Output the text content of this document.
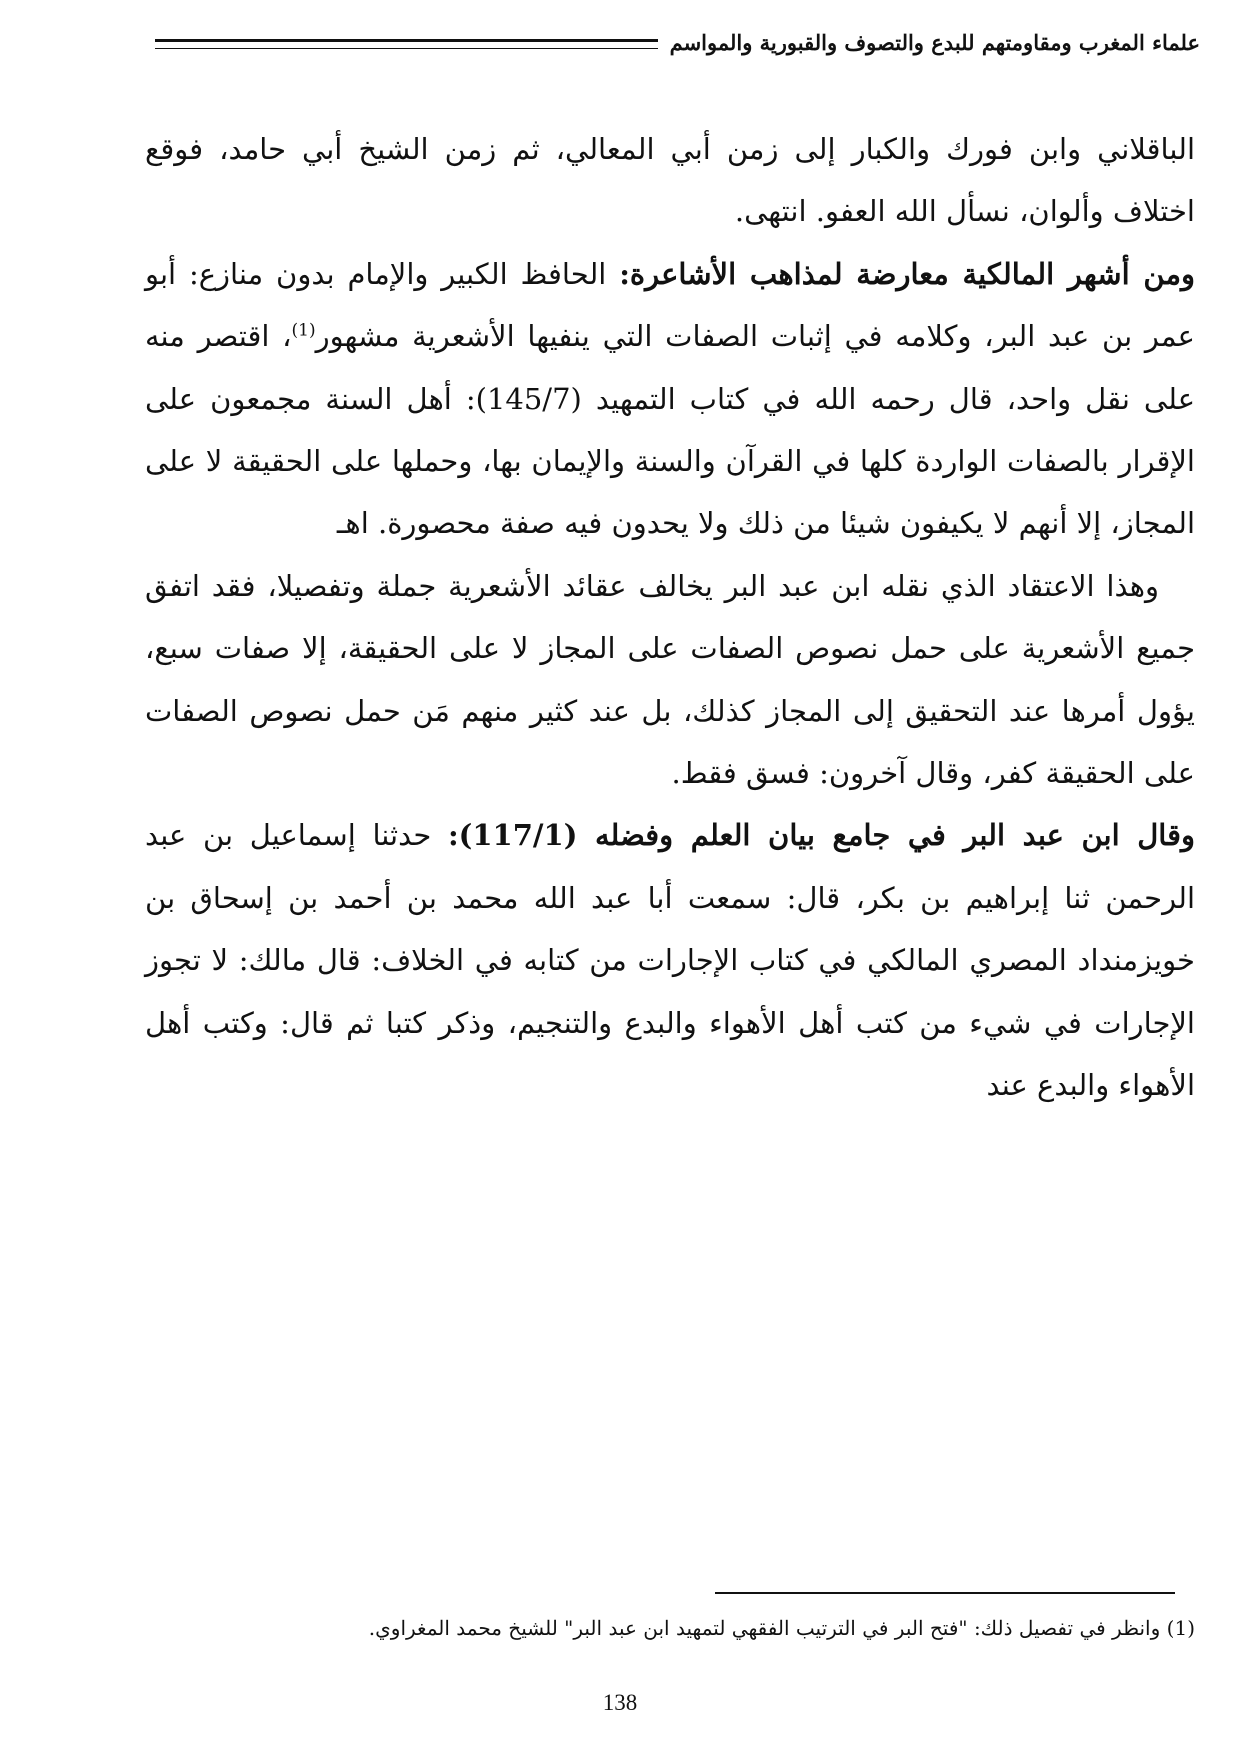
علماء المغرب ومقاومتهم للبدع والتصوف والقبورية والمواسم

الباقلاني وابن فورك والكبار إلى زمن أبي المعالي، ثم زمن الشيخ أبي حامد، فوقع اختلاف وألوان، نسأل الله العفو. انتهى.

ومن أشهر المالكية معارضة لمذاهب الأشاعرة: الحافظ الكبير والإمام بدون منازع: أبو عمر بن عبد البر، وكلامه في إثبات الصفات التي ينفيها الأشعرية مشهور$^{(1)}$، اقتصر منه على نقل واحد، قال رحمه الله في كتاب التمهيد (145/7): أهل السنة مجمعون على الإقرار بالصفات الواردة كلها في القرآن والسنة والإيمان بها، وحملها على الحقيقة لا على المجاز، إلا أنهم لا يكيفون شيئا من ذلك ولا يحدون فيه صفة محصورة. اهـ

وهذا الاعتقاد الذي نقله ابن عبد البر يخالف عقائد الأشعرية جملة وتفصيلا، فقد اتفق جميع الأشعرية على حمل نصوص الصفات على المجاز لا على الحقيقة، إلا صفات سبع، يؤول أمرها عند التحقيق إلى المجاز كذلك، بل عند كثير منهم مَن حمل نصوص الصفات على الحقيقة كفر، وقال آخرون: فسق فقط.

وقال ابن عبد البر في جامع بيان العلم وفضله (117/1): حدثنا إسماعيل بن عبد الرحمن ثنا إبراهيم بن بكر، قال: سمعت أبا عبد الله محمد بن أحمد بن إسحاق بن خويزمنداد المصري المالكي في كتاب الإجارات من كتابه في الخلاف: قال مالك: لا تجوز الإجارات في شيء من كتب أهل الأهواء والبدع والتنجيم، وذكر كتبا ثم قال: وكتب أهل الأهواء والبدع عند

(1) وانظر في تفصيل ذلك: "فتح البر في الترتيب الفقهي لتمهيد ابن عبد البر" للشيخ محمد المغراوي.
138
